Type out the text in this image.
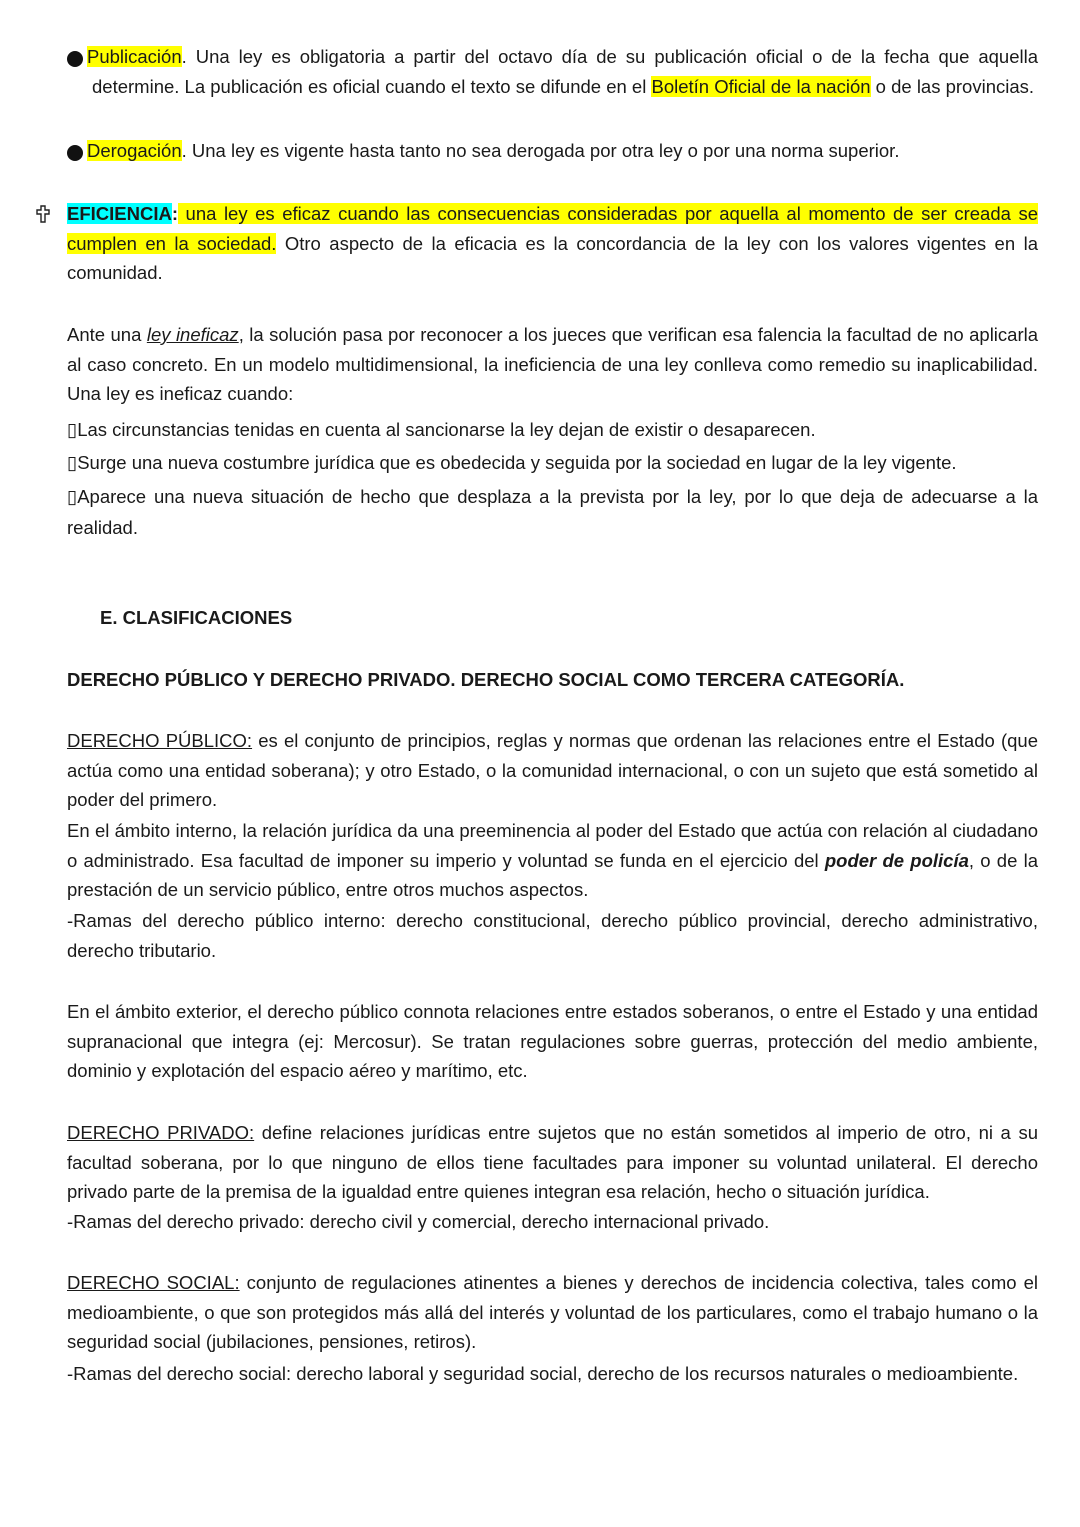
7 Publicación. Una ley es obligatoria a partir del octavo día de su publicación oficial o de la fecha que aquella determine. La publicación es oficial cuando el texto se difunde en el Boletín Oficial de la nación o de las provincias.

7 Derogación. Una ley es vigente hasta tanto no sea derogada por otra ley o por una norma superior.

EFICIENCIA: una ley es eficaz cuando las consecuencias consideradas por aquella al momento de ser creada se cumplen en la sociedad. Otro aspecto de la eficacia es la concordancia de la ley con los valores vigentes en la comunidad.

Ante una ley ineficaz, la solución pasa por reconocer a los jueces que verifican esa falencia la facultad de no aplicarla al caso concreto. En un modelo multidimensional, la ineficiencia de una ley conlleva como remedio su inaplicabilidad. Una ley es ineficaz cuando:

▯Las circunstancias tenidas en cuenta al sancionarse la ley dejan de existir o desaparecen.

▯Surge una nueva costumbre jurídica que es obedecida y seguida por la sociedad en lugar de la ley vigente.

▯Aparece una nueva situación de hecho que desplaza a la prevista por la ley, por lo que deja de adecuarse a la realidad.

E. CLASIFICACIONES

DERECHO PÚBLICO Y DERECHO PRIVADO. DERECHO SOCIAL COMO TERCERA CATEGORÍA.

DERECHO PÚBLICO: es el conjunto de principios, reglas y normas que ordenan las relaciones entre el Estado (que actúa como una entidad soberana); y otro Estado, o la comunidad internacional, o con un sujeto que está sometido al poder del primero.

En el ámbito interno, la relación jurídica da una preeminencia al poder del Estado que actúa con relación al ciudadano o administrado. Esa facultad de imponer su imperio y voluntad se funda en el ejercicio del poder de policía, o de la prestación de un servicio público, entre otros muchos aspectos.

-Ramas del derecho público interno: derecho constitucional, derecho público provincial, derecho administrativo, derecho tributario.

En el ámbito exterior, el derecho público connota relaciones entre estados soberanos, o entre el Estado y una entidad supranacional que integra (ej: Mercosur). Se tratan regulaciones sobre guerras, protección del medio ambiente, dominio y explotación del espacio aéreo y marítimo, etc.

DERECHO PRIVADO: define relaciones jurídicas entre sujetos que no están sometidos al imperio de otro, ni a su facultad soberana, por lo que ninguno de ellos tiene facultades para imponer su voluntad unilateral. El derecho privado parte de la premisa de la igualdad entre quienes integran esa relación, hecho o situación jurídica.

-Ramas del derecho privado: derecho civil y comercial, derecho internacional privado.

DERECHO SOCIAL: conjunto de regulaciones atinentes a bienes y derechos de incidencia colectiva, tales como el medioambiente, o que son protegidos más allá del interés y voluntad de los particulares, como el trabajo humano o la seguridad social (jubilaciones, pensiones, retiros).

-Ramas del derecho social: derecho laboral y seguridad social, derecho de los recursos naturales o medioambiente.
